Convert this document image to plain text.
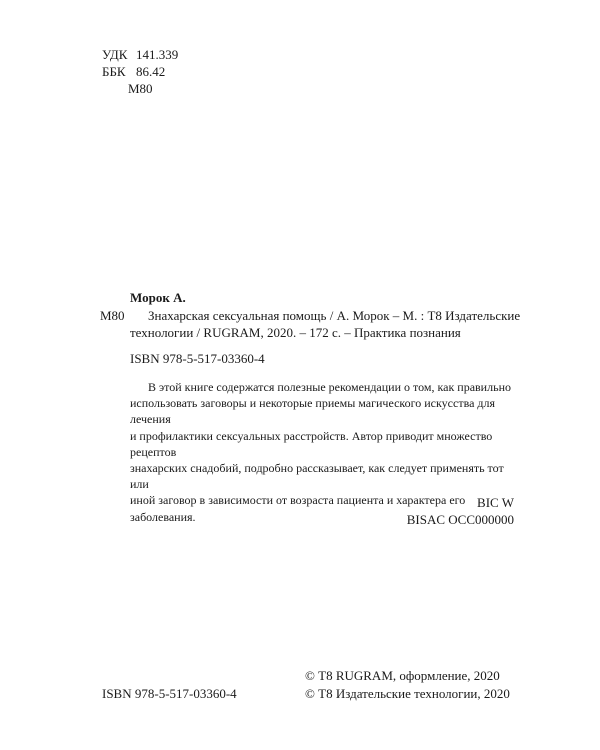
УДК 141.339
ББК 86.42
М80
Морок А.
М80 Знахарская сексуальная помощь / А. Морок – М. : Т8 Издательские
технологии / RUGRAM, 2020. – 172 с. – Практика познания
ISBN 978-5-517-03360-4
В этой книге содержатся полезные рекомендации о том, как правильно
использовать заговоры и некоторые приемы магического искусства для лечения
и профилактики сексуальных расстройств. Автор приводит множество рецептов
знахарских снадобий, подробно рассказывает, как следует применять тот или
иной заговор в зависимости от возраста пациента и характера его заболевания.
BIC W
BISAC OCC000000
ISBN 978-5-517-03360-4
© Т8 RUGRAM, оформление, 2020
© Т8 Издательские технологии, 2020
